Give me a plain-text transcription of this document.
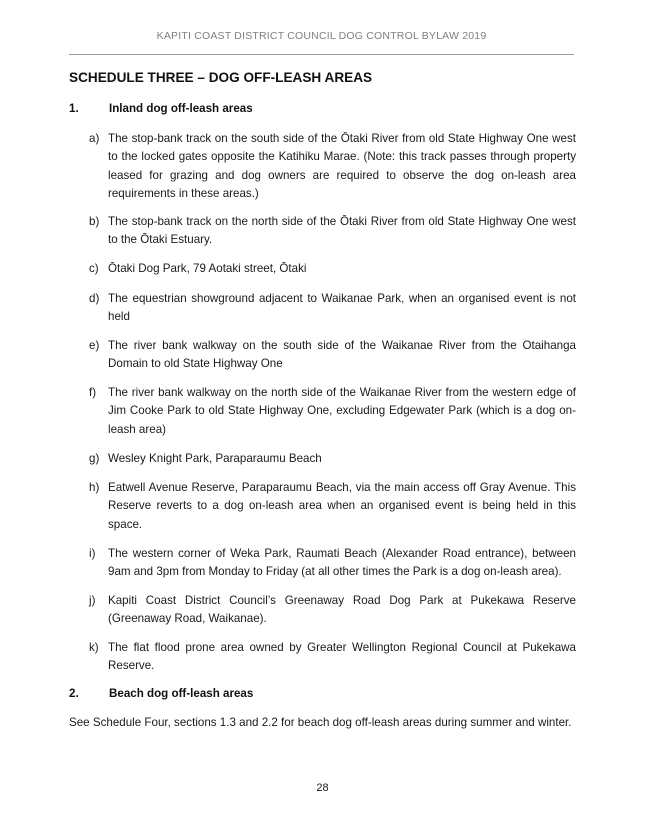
KAPITI COAST DISTRICT COUNCIL DOG CONTROL BYLAW 2019
SCHEDULE THREE – DOG OFF-LEASH AREAS
1.	Inland dog off-leash areas
a) The stop-bank track on the south side of the Ōtaki River from old State Highway One west to the locked gates opposite the Katihiku Marae. (Note: this track passes through property leased for grazing and dog owners are required to observe the dog on-leash area requirements in these areas.)
b) The stop-bank track on the north side of the Ōtaki River from old State Highway One west to the Ōtaki Estuary.
c) Ōtaki Dog Park, 79 Aotaki street, Ōtaki
d) The equestrian showground adjacent to Waikanae Park, when an organised event is not held
e) The river bank walkway on the south side of the Waikanae River from the Otaihanga Domain to old State Highway One
f) The river bank walkway on the north side of the Waikanae River from the western edge of Jim Cooke Park to old State Highway One, excluding Edgewater Park (which is a dog on-leash area)
g) Wesley Knight Park, Paraparaumu Beach
h) Eatwell Avenue Reserve, Paraparaumu Beach, via the main access off Gray Avenue. This Reserve reverts to a dog on-leash area when an organised event is being held in this space.
i) The western corner of Weka Park, Raumati Beach (Alexander Road entrance), between 9am and 3pm from Monday to Friday (at all other times the Park is a dog on-leash area).
j) Kapiti Coast District Council’s Greenaway Road Dog Park at Pukekawa Reserve (Greenaway Road, Waikanae).
k) The flat flood prone area owned by Greater Wellington Regional Council at Pukekawa Reserve.
2.	Beach dog off-leash areas
See Schedule Four, sections 1.3 and 2.2 for beach dog off-leash areas during summer and winter.
28
